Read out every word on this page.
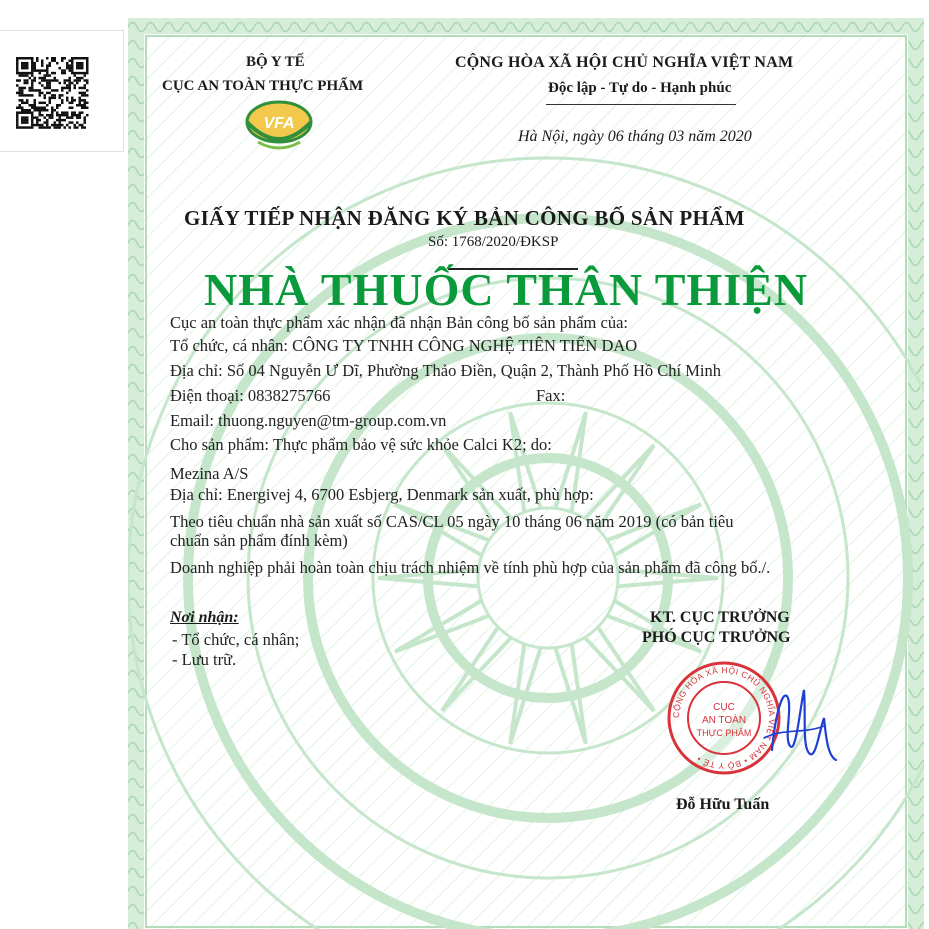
BỘ Y TẾ
CỤC AN TOÀN THỰC PHẨM
VFA
CỘNG HÒA XÃ HỘI CHỦ NGHĨA VIỆT NAM
Độc lập - Tự do - Hạnh phúc
Hà Nội, ngày 06 tháng 03 năm 2020
GIẤY TIẾP NHẬN ĐĂNG KÝ BẢN CÔNG BỐ SẢN PHẨM
Số: 1768/2020/ĐKSP
NHÀ THUỐC THÂN THIỆN
Cục an toàn thực phẩm xác nhận đã nhận Bản công bố sản phẩm của:
Tổ chức, cá nhân: CÔNG TY TNHH CÔNG NGHỆ TIÊN TIẾN DAO
Địa chỉ: Số 04 Nguyễn Ư Dĩ, Phường Thảo Điền, Quận 2, Thành Phố Hồ Chí Minh
Điện thoại: 0838275766	Fax:
Email: thuong.nguyen@tm-group.com.vn
Cho sản phẩm: Thực phẩm bảo vệ sức khỏe Calci K2; do:
Mezina A/S
Địa chỉ: Energivej 4, 6700 Esbjerg, Denmark sản xuất, phù hợp:
Theo tiêu chuẩn nhà sản xuất số CAS/CL 05 ngày 10 tháng 06 năm 2019 (có bản tiêu
chuẩn sản phẩm đính kèm)
Doanh nghiệp phải hoàn toàn chịu trách nhiệm về tính phù hợp của sản phẩm đã công bố./.
Nơi nhận:
- Tổ chức, cá nhân;
- Lưu trữ.
KT. CỤC TRƯỞNG
PHÓ CỤC TRƯỞNG
CỘNG HÒA XÃ HỘI CHỦ NGHĨA VIỆT NAM • BỘ Y TẾ •
CỤC
AN TOÀN
THỰC PHẨM
Đỗ Hữu Tuấn
